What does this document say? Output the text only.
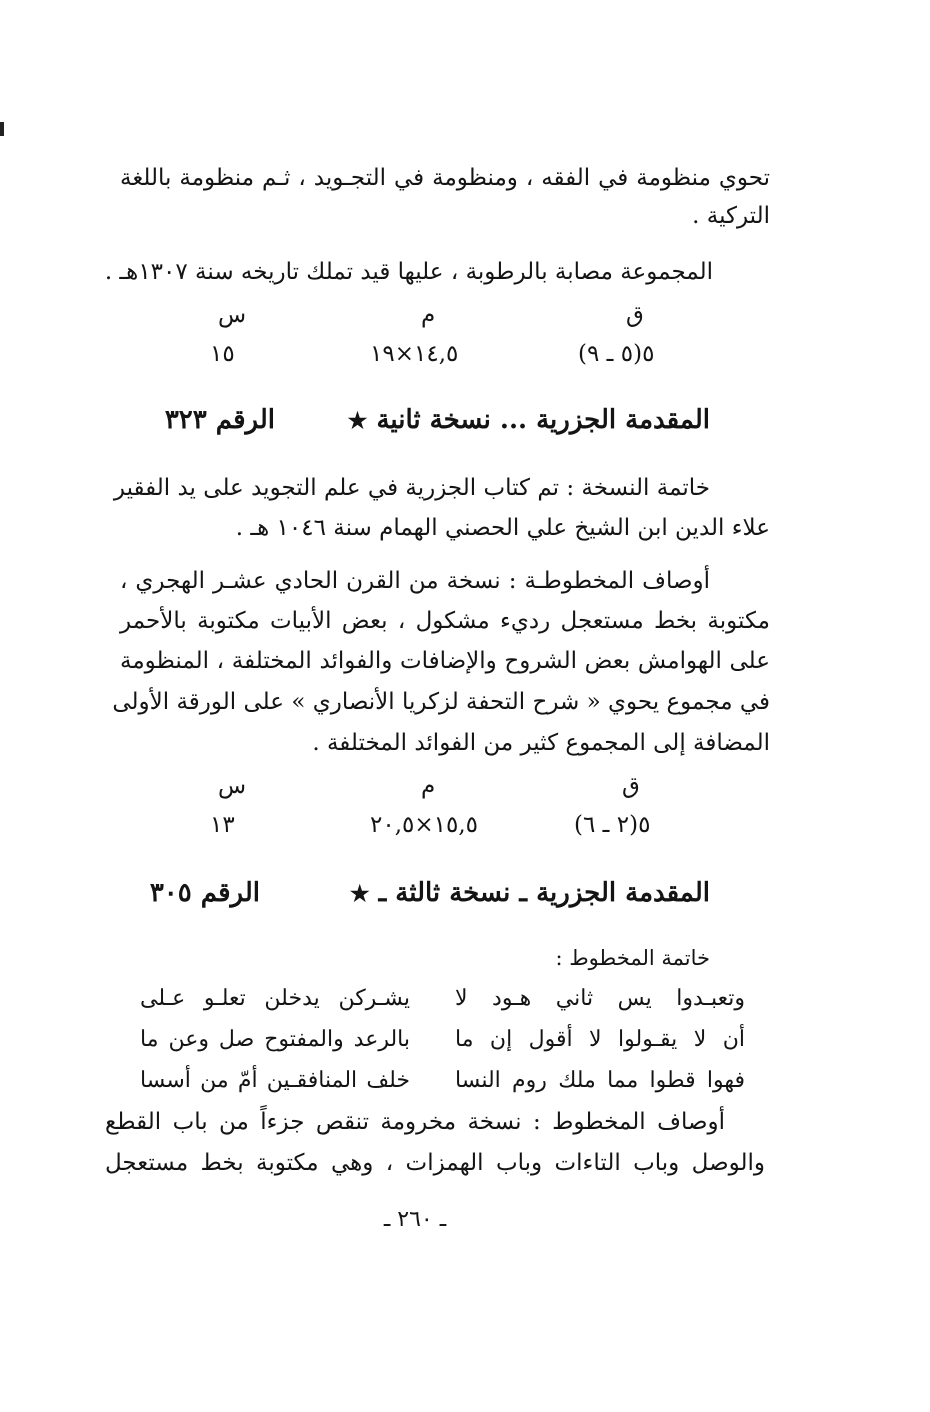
تحوي منظومة في الفقه ، ومنظومة في التجـويد ، ثـم منظومة باللغة
التركية .
المجموعة مصابة بالرطوبة ، عليها قيد تملك تاريخه سنة ١٣٠٧هـ .
ق
م
س
٥(٥ ـ ٩)
١٤,٥×١٩
١٥
المقدمة الجزرية ... نسخة ثانية ★
الرقم ٣٢٣
خاتمة النسخة : تم كتاب الجزرية في علم التجويد على يد الفقير
علاء الدين ابن الشيخ علي الحصني الهمام سنة ١٠٤٦ هـ .
أوصاف المخطوطـة : نسخة من القرن الحادي عشـر الهجري ،
مكتوبة بخط مستعجل رديء مشكول ، بعض الأبيات مكتوبة بالأحمر
على الهوامش بعض الشروح والإضافات والفوائد المختلفة ، المنظومة
في مجموع يحوي « شرح التحفة لزكريا الأنصاري » على الورقة الأولى
المضافة إلى المجموع كثير من الفوائد المختلفة .
ق
م
س
٥(٢ ـ ٦)
١٥,٥×٢٠,٥
١٣
المقدمة الجزرية ـ نسخة ثالثة ـ ★
الرقم ٣٠٥
خاتمة المخطوط :
وتعبـدوا يس ثاني هـود لا
يشـركن يدخلن تعلـو عـلى
أن لا يقـولوا لا أقول إن ما
بالرعد والمفتوح صل وعن ما
فهوا قطوا مما ملك روم النسا
خلف المنافقـين أمّ من أسسا
أوصاف المخطوط : نسخة مخرومة تنقص جزءاً من باب القطع
والوصل وباب التاءات وباب الهمزات ، وهي مكتوبة بخط مستعجل
ـ ٢٦٠ ـ
